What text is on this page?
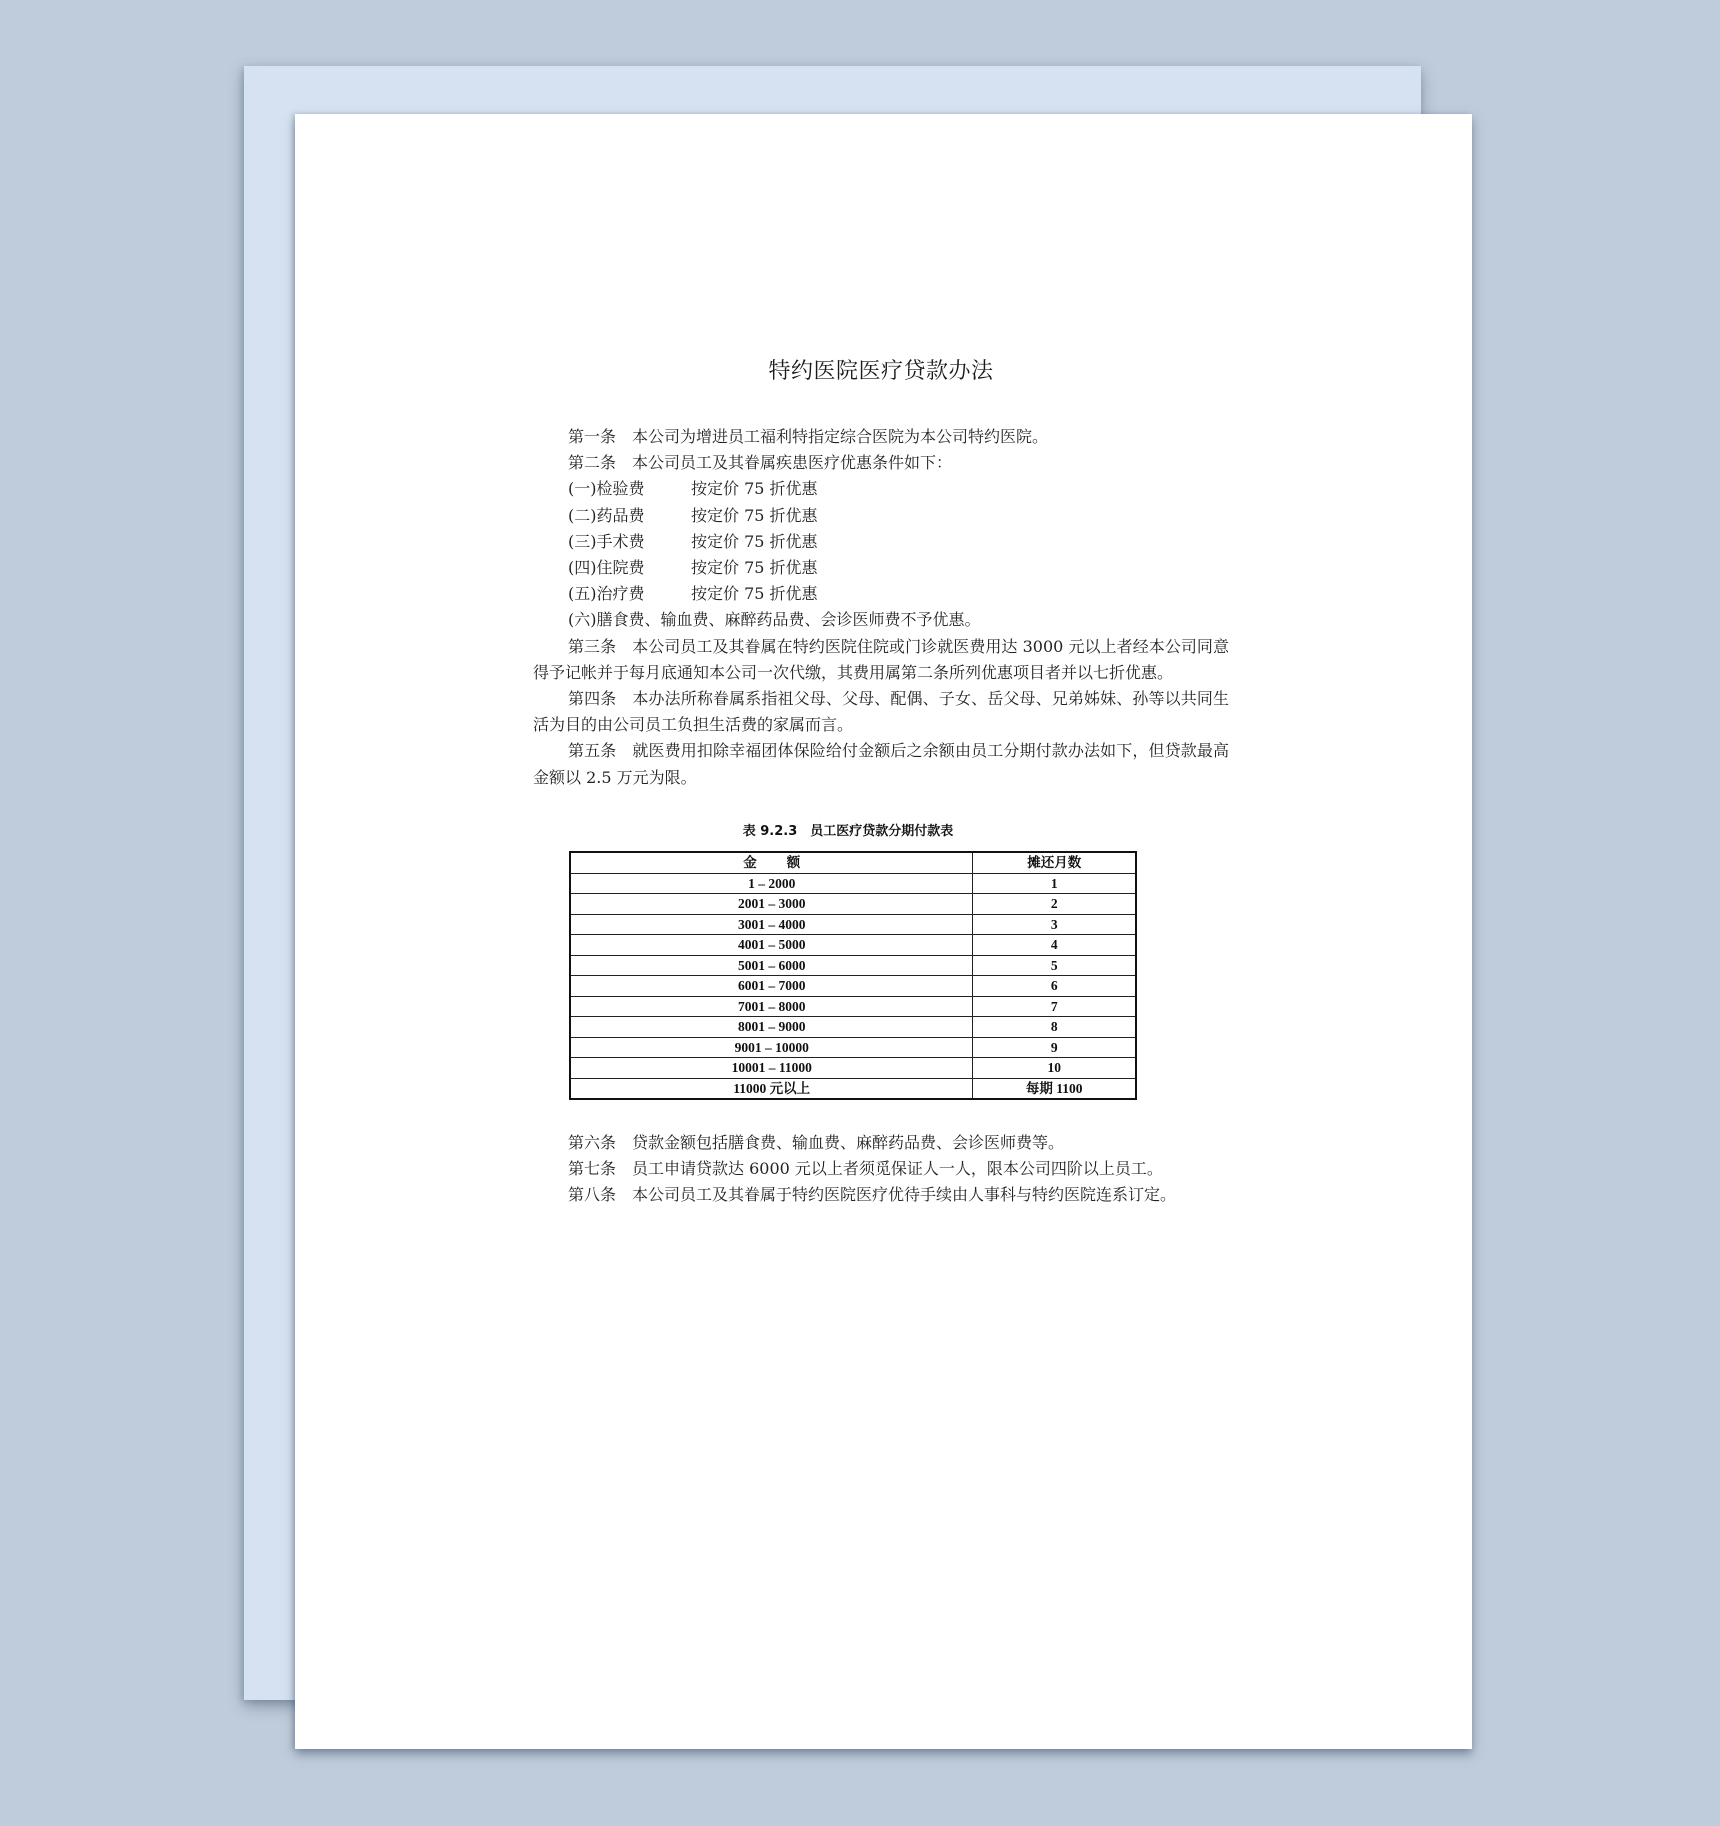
特约医院医疗贷款办法

第一条 本公司为增进员工福利特指定综合医院为本公司特约医院。

第二条 本公司员工及其眷属疾患医疗优惠条件如下：

(一)检验费	按定价 75 折优惠

(二)药品费	按定价 75 折优惠

(三)手术费	按定价 75 折优惠

(四)住院费	按定价 75 折优惠

(五)治疗费	按定价 75 折优惠

(六)膳食费、输血费、麻醉药品费、会诊医师费不予优惠。

第三条 本公司员工及其眷属在特约医院住院或门诊就医费用达 3000 元以上者经本公司同意得予记帐并于每月底通知本公司一次代缴，其费用属第二条所列优惠项目者并以七折优惠。

第四条 本办法所称眷属系指祖父母、父母、配偶、子女、岳父母、兄弟姊妹、孙等以共同生活为目的由公司员工负担生活费的家属而言。

第五条 就医费用扣除幸福团体保险给付金额后之余额由员工分期付款办法如下，但贷款最高金额以 2.5 万元为限。

表 9.2.3　员工医疗贷款分期付款表
金额	摊还月数
1 – 2000	1
2001 – 3000	2
3001 – 4000	3
4001 – 5000	4
5001 – 6000	5
6001 – 7000	6
7001 – 8000	7
8001 – 9000	8
9001 – 10000	9
10001 – 11000	10
11000 元以上	每期 1100

第六条 贷款金额包括膳食费、输血费、麻醉药品费、会诊医师费等。

第七条 员工申请贷款达 6000 元以上者须觅保证人一人，限本公司四阶以上员工。

第八条 本公司员工及其眷属于特约医院医疗优待手续由人事科与特约医院连系订定。
